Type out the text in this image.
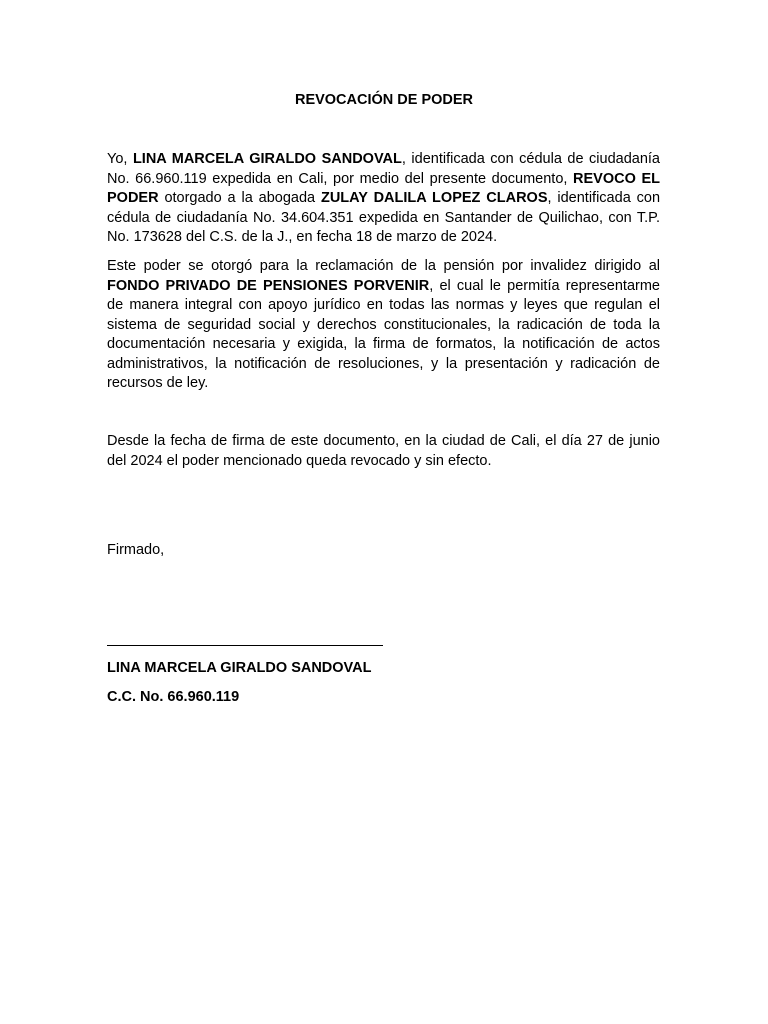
REVOCACIÓN DE PODER

Yo, LINA MARCELA GIRALDO SANDOVAL, identificada con cédula de ciudadanía No. 66.960.119 expedida en Cali, por medio del presente documento, REVOCO EL PODER otorgado a la abogada ZULAY DALILA LOPEZ CLAROS, identificada con cédula de ciudadanía No. 34.604.351 expedida en Santander de Quilichao, con T.P. No. 173628 del C.S. de la J., en fecha 18 de marzo de 2024.

Este poder se otorgó para la reclamación de la pensión por invalidez dirigido al FONDO PRIVADO DE PENSIONES PORVENIR, el cual le permitía representarme de manera integral con apoyo jurídico en todas las normas y leyes que regulan el sistema de seguridad social y derechos constitucionales, la radicación de toda la documentación necesaria y exigida, la firma de formatos, la notificación de actos administrativos, la notificación de resoluciones, y la presentación y radicación de recursos de ley.

Desde la fecha de firma de este documento, en la ciudad de Cali, el día 27 de junio del 2024 el poder mencionado queda revocado y sin efecto.

Firmado,
LINA MARCELA GIRALDO SANDOVAL
C.C. No. 66.960.119
